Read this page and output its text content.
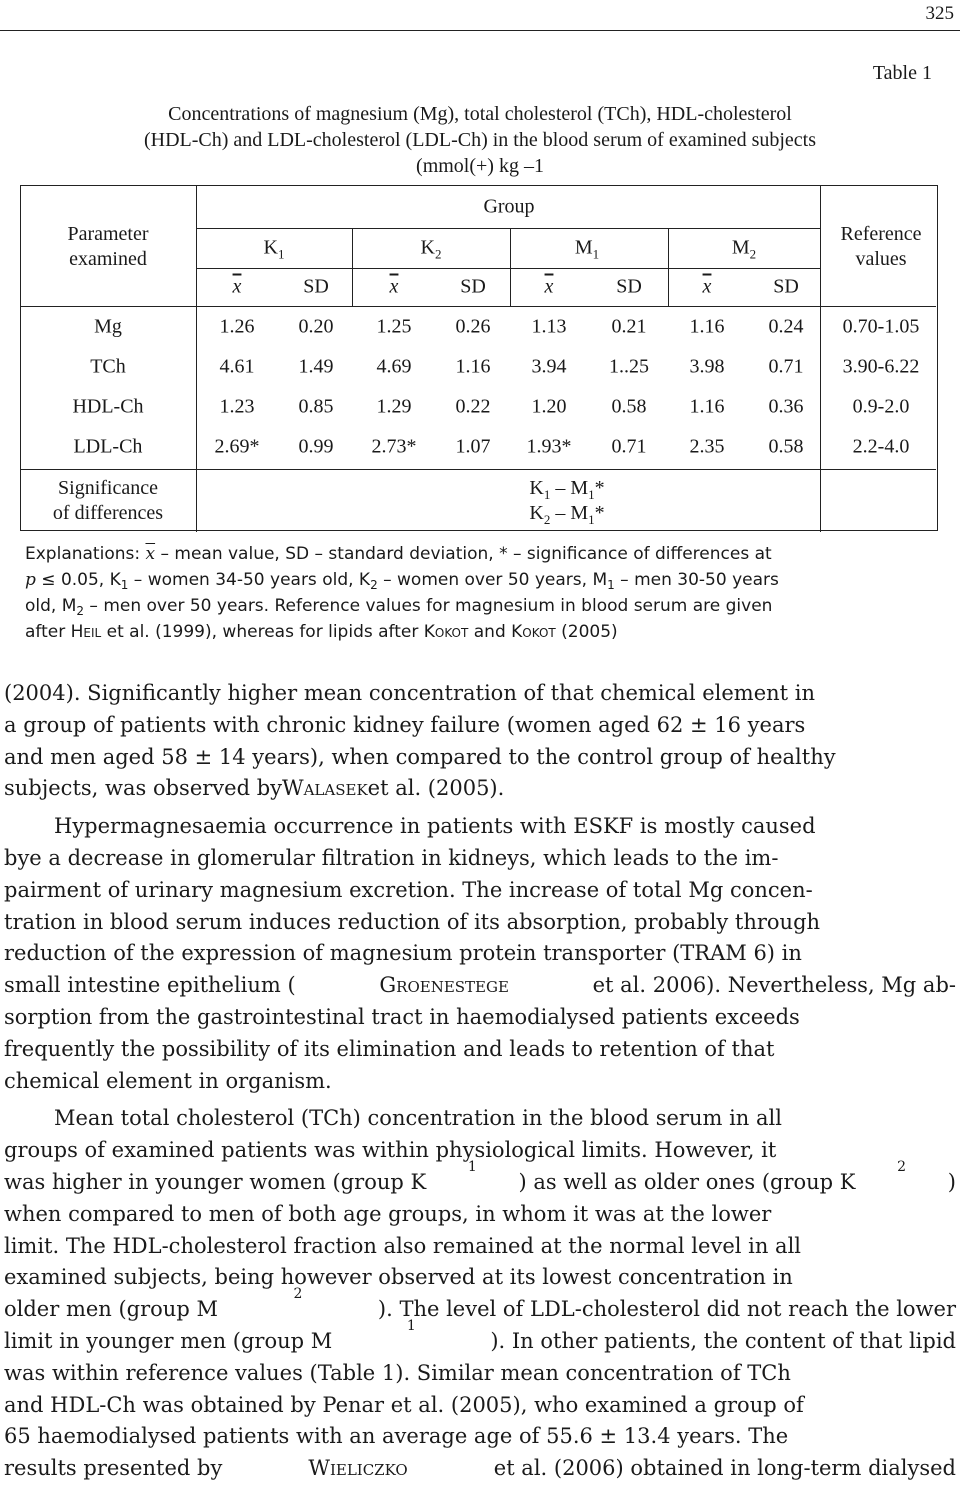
325
Table 1
Concentrations of magnesium (Mg), total cholesterol (TCh), HDL-cholesterol
(HDL-Ch) and LDL-cholesterol (LDL-Ch) in the blood serum of examined subjects
(mmol(+) kg –1
Parameter
examined
Group
Reference
values
$K_1$	$K_2$	$M_1$	$M_2$
$\overline{x}$	SD	$\overline{x}$	SD	$\overline{x}$	SD	$\overline{x}$	SD
Mg	1.26 0.20 1.25 0.26 1.13 0.21 1.16 0.24 0.70-1.05
TCh	4.61 1.49 4.69 1.16 3.94 1..25 3.98 0.71 3.90-6.22
HDL-Ch	1.23 0.85 1.29 0.22 1.20 0.58 1.16 0.36 0.9-2.0
LDL-Ch	2.69* 0.99 2.73* 1.07 1.93* 0.71 2.35 0.58 2.2-4.0
Significance
of differences
$K_1 - M_1*$
$K_2 - M_1*$
Explanations: $\overline{x}$ – mean value, SD – standard deviation, * – significance of differences at
p ≤ 0.05, $K_1$ – women 34-50 years old, $K_2$ – women over 50 years, $M_1$ – men 30-50 years
old, $M_2$ – men over 50 years. Reference values for magnesium in blood serum are given
after Heil et al. (1999), whereas for lipids after Kokot and Kokot (2005)
(2004). Significantly higher mean concentration of that chemical element in
a group of patients with chronic kidney failure (women aged 62 ± 16 years
and men aged 58 ± 14 years), when compared to the control group of healthy
subjects, was observed by Walasek et al. (2005).
Hypermagnesaemia occurrence in patients with ESKF is mostly caused
bye a decrease in glomerular filtration in kidneys, which leads to the im-
pairment of urinary magnesium excretion. The increase of total Mg concen-
tration in blood serum induces reduction of its absorption, probably through
reduction of the expression of magnesium protein transporter (TRAM 6) in
small intestine epithelium (	Groenestege	et al. 2006). Nevertheless, Mg ab-
sorption from the gastrointestinal tract in haemodialysed patients exceeds
frequently the possibility of its elimination and leads to retention of that
chemical element in organism.
Mean total cholesterol (TCh) concentration in the blood serum in all
groups of examined patients was within physiological limits. However, it
was higher in younger women (group K
1
) as well as older ones (group K
2
)
when compared to men of both age groups, in whom it was at the lower
limit. The HDL-cholesterol fraction also remained at the normal level in all
examined subjects, being however observed at its lowest concentration in
older men (group M
2
). The level of LDL-cholesterol did not reach the lower
limit in younger men (group M
1
). In other patients, the content of that lipid
was within reference values (Table 1). Similar mean concentration of TCh
and HDL-Ch was obtained by Penar et al. (2005), who examined a group of
65 haemodialysed patients with an average age of 55.6 ± 13.4 years. The
results presented by	Wieliczko	et al. (2006) obtained in long-term dialysed
